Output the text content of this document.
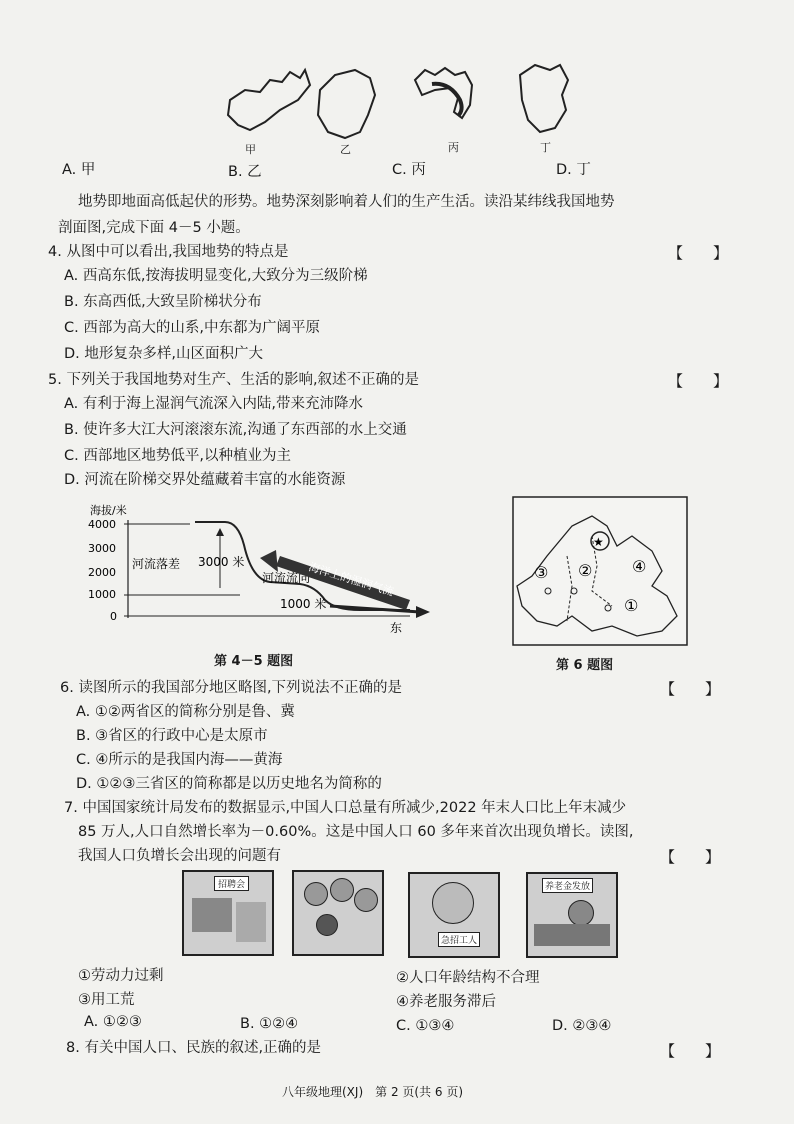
甲	乙	丙	丁
A. 甲	B. 乙	C. 丙	D. 丁
地势即地面高低起伏的形势。地势深刻影响着人们的生产生活。读沿某纬线我国地势
剖面图,完成下面 4－5 小题。
4. 从图中可以看出,我国地势的特点是	【　　】
A. 西高东低,按海拔明显变化,大致分为三级阶梯
B. 东高西低,大致呈阶梯状分布
C. 西部为高大的山系,中东都为广阔平原
D. 地形复杂多样,山区面积广大
5. 下列关于我国地势对生产、生活的影响,叙述不正确的是	【　　】
A. 有利于海上湿润气流深入内陆,带来充沛降水
B. 使许多大江大河滚滚东流,沟通了东西部的水上交通
C. 西部地区地势低平,以种植业为主
D. 河流在阶梯交界处蕴藏着丰富的水能资源
海拔/米
4000
3000
2000
1000
0
河流落差 3000 米
河流流向
1000 米
海洋上的湿润气流
东
第 4－5 题图
★
③ ② ④
①
第 6 题图
6. 读图所示的我国部分地区略图,下列说法不正确的是	【　　】
A. ①②两省区的简称分别是鲁、冀
B. ③省区的行政中心是太原市
C. ④所示的是我国内海——黄海
D. ①②③三省区的简称都是以历史地名为简称的
7. 中国国家统计局发布的数据显示,中国人口总量有所减少,2022 年末人口比上年末减少
85 万人,人口自然增长率为－0.60%。这是中国人口 60 多年来首次出现负增长。读图,
我国人口负增长会出现的问题有	【　　】
招聘会
急招工人
养老金发放
①劳动力过剩	②人口年龄结构不合理
③用工荒	④养老服务滞后
A. ①②③	B. ①②④	C. ①③④	D. ②③④
8. 有关中国人口、民族的叙述,正确的是	【　　】
八年级地理(XJ)　第 2 页(共 6 页)
